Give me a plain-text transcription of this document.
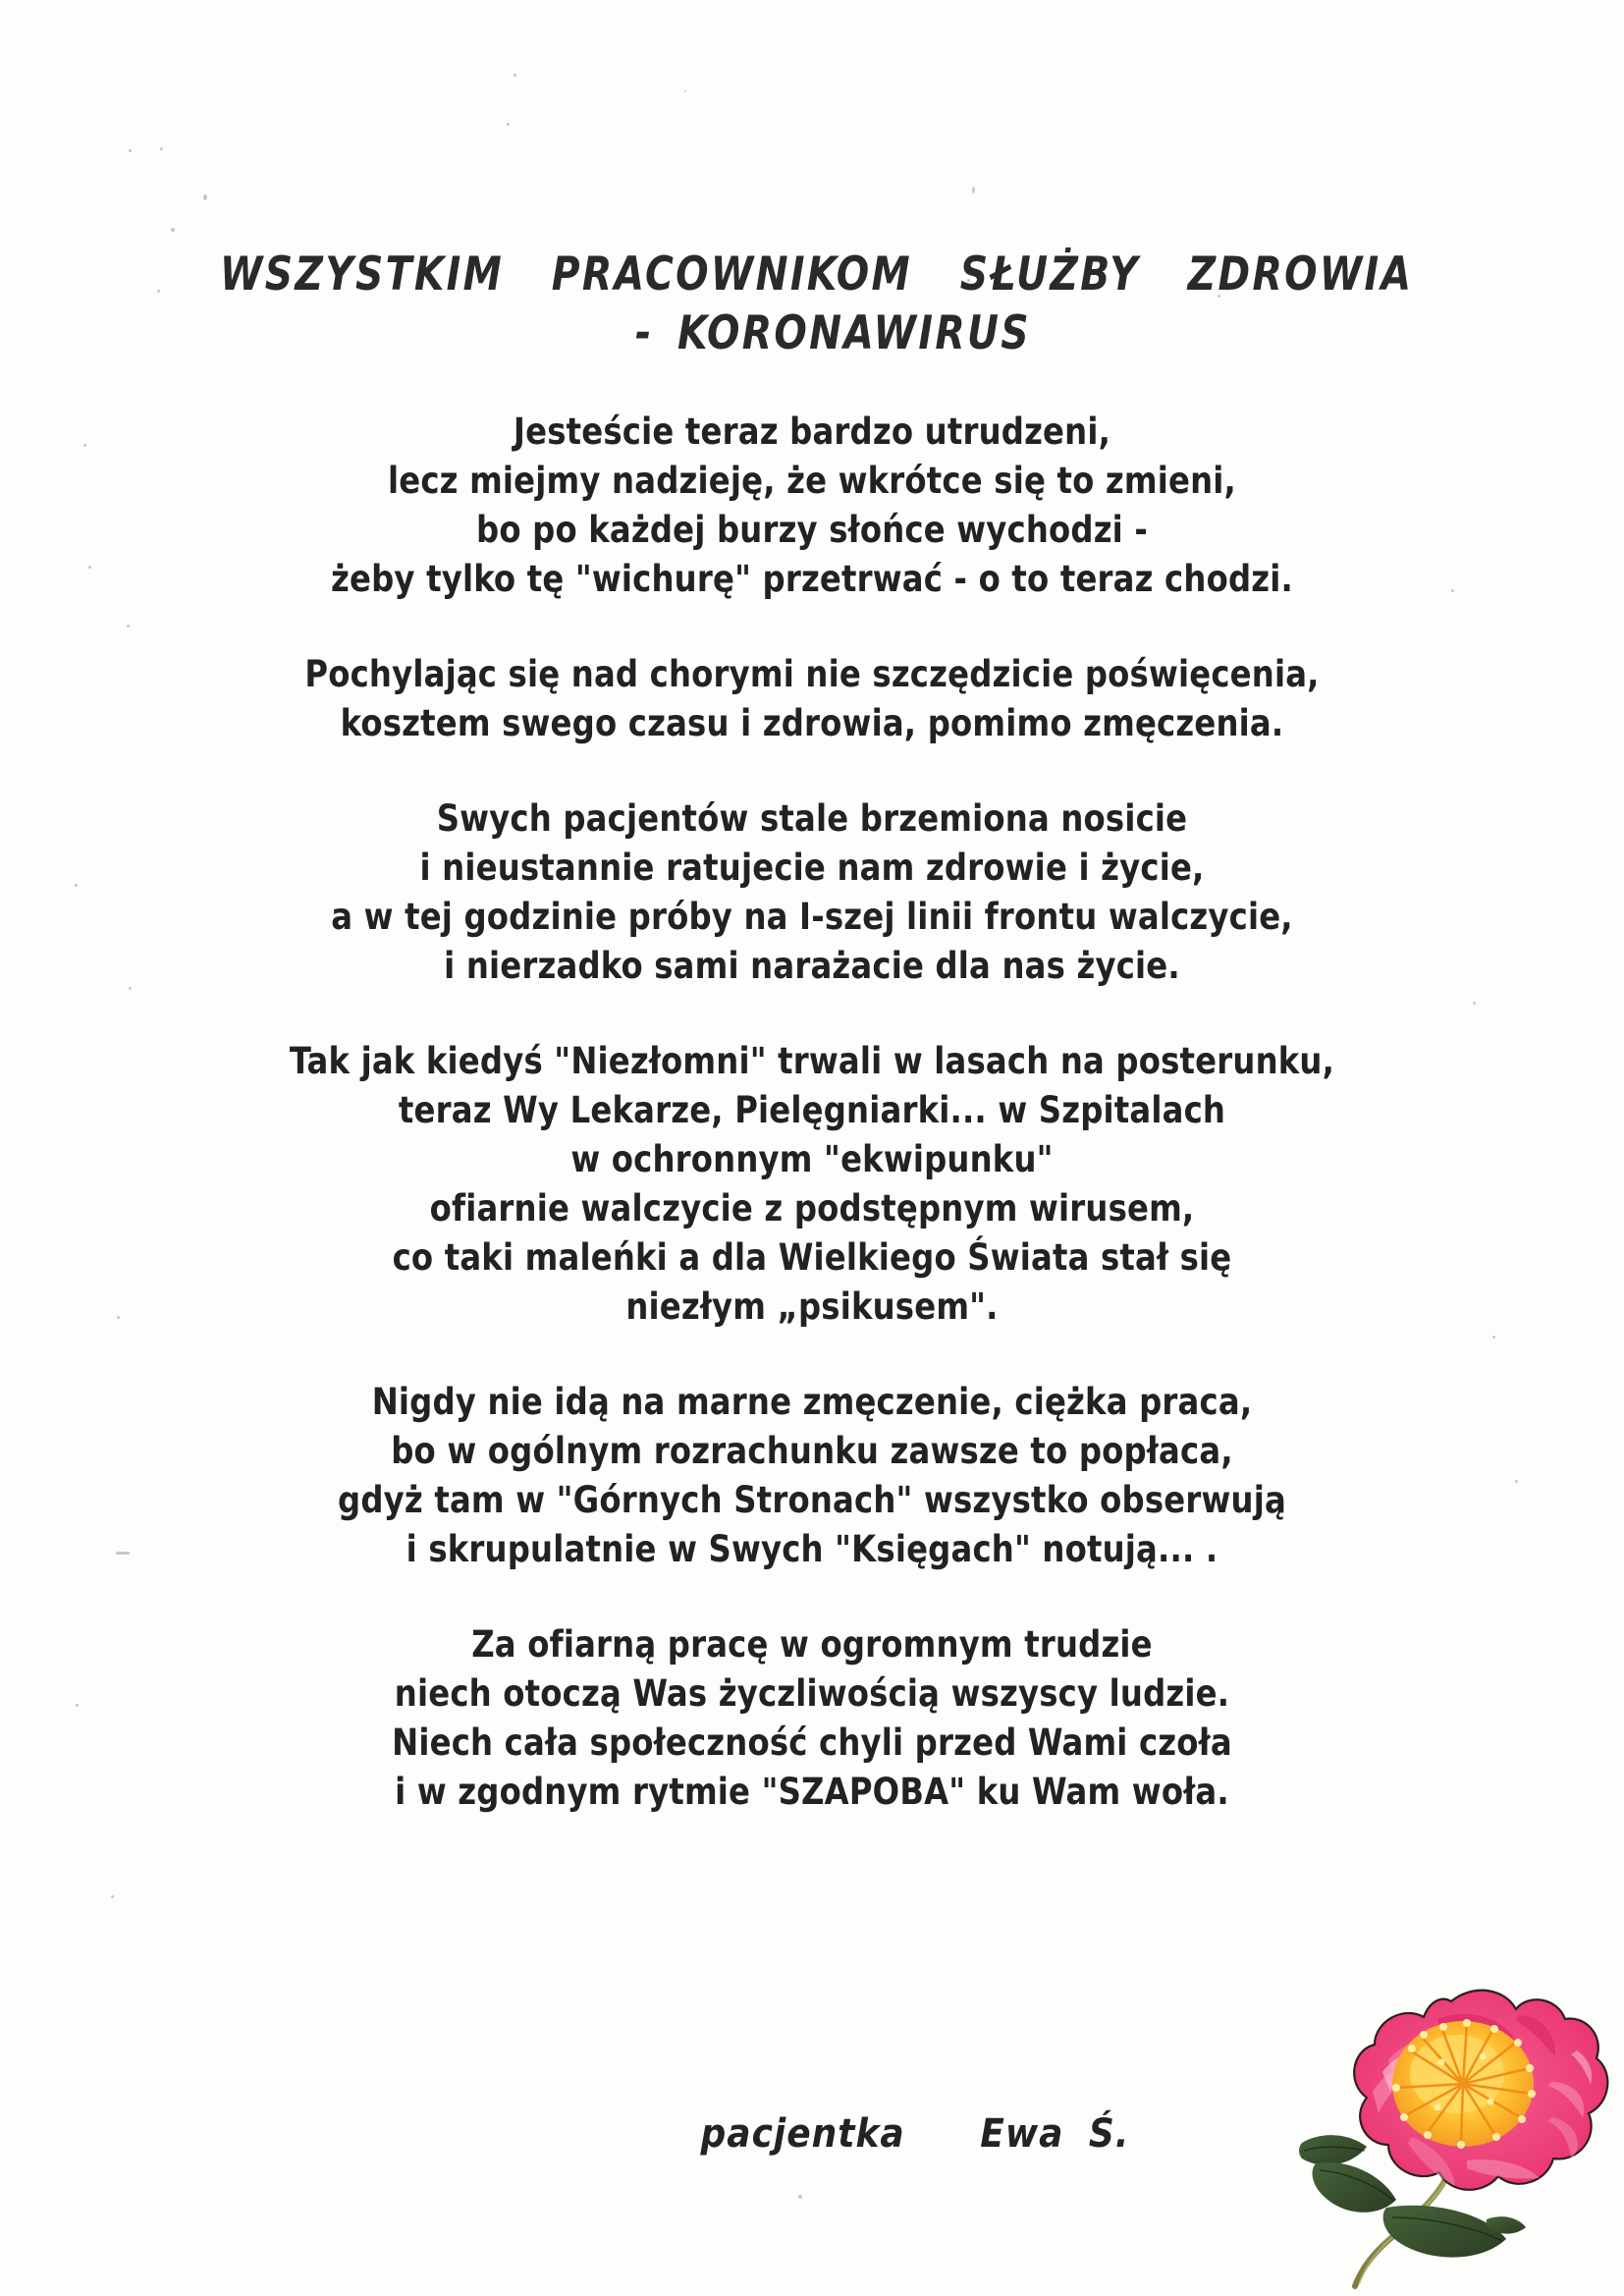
WSZYSTKIM  PRACOWNIKOM  SŁUŻBY  ZDROWIA
- KORONAWIRUS
Jesteście teraz bardzo utrudzeni,
lecz miejmy nadzieję, że wkrótce się to zmieni,
bo po każdej burzy słońce wychodzi -
żeby tylko tę "wichurę" przetrwać - o to teraz chodzi.
Pochylając się nad chorymi nie szczędzicie poświęcenia,
kosztem swego czasu i zdrowia, pomimo zmęczenia.
Swych pacjentów stale brzemiona nosicie
i nieustannie ratujecie nam zdrowie i życie,
a w tej godzinie próby na I-szej linii frontu walczycie,
i nierzadko sami narażacie dla nas życie.
Tak jak kiedyś "Niezłomni" trwali w lasach na posterunku,
teraz Wy Lekarze, Pielęgniarki... w Szpitalach
w ochronnym "ekwipunku"
ofiarnie walczycie z podstępnym wirusem,
co taki maleńki a dla Wielkiego Świata stał się
niezłym „psikusem".
Nigdy nie idą na marne zmęczenie, ciężka praca,
bo w ogólnym rozrachunku zawsze to popłaca,
gdyż tam w "Górnych Stronach" wszystko obserwują
i skrupulatnie w Swych "Księgach" notują... .
Za ofiarną pracę w ogromnym trudzie
niech otoczą Was życzliwością wszyscy ludzie.
Niech cała społeczność chyli przed Wami czoła
i w zgodnym rytmie "SZAPOBA" ku Wam woła.
pacjentka   Ewa Ś.
